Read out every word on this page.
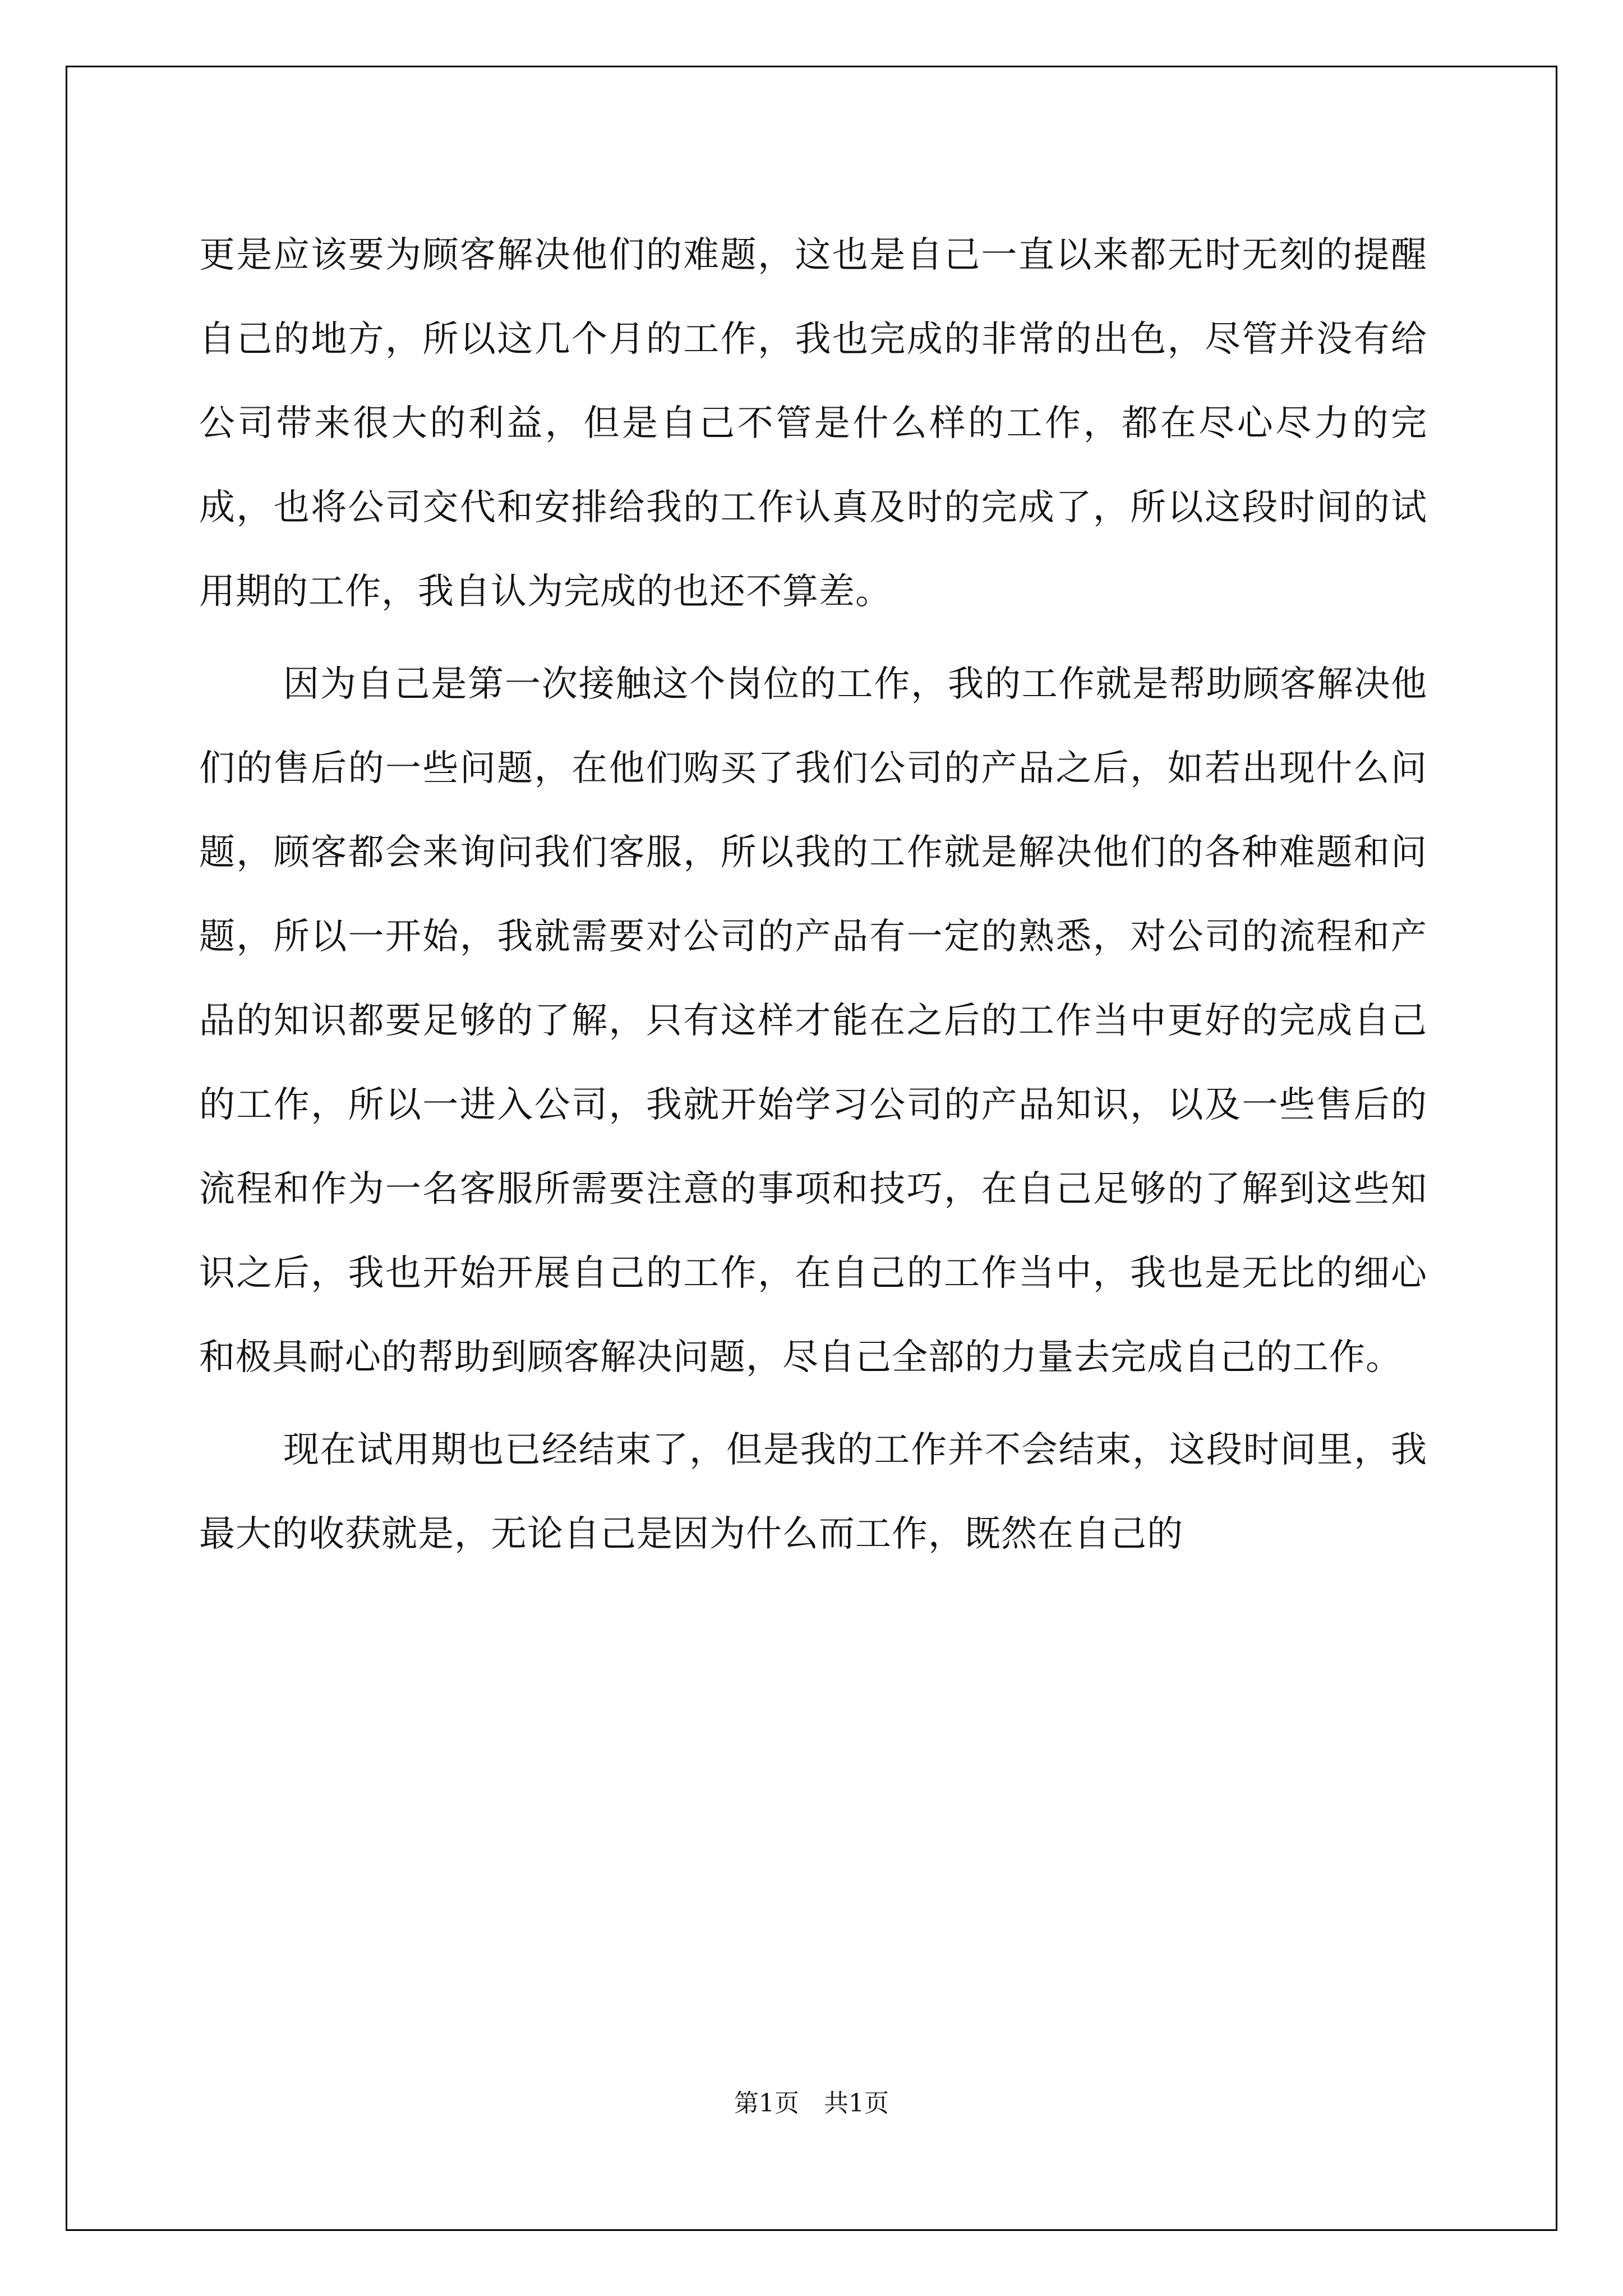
更是应该要为顾客解决他们的难题，这也是自己一直以来都无时无刻的提醒自己的地方，所以这几个月的工作，我也完成的非常的出色，尽管并没有给公司带来很大的利益，但是自己不管是什么样的工作，都在尽心尽力的完成，也将公司交代和安排给我的工作认真及时的完成了，所以这段时间的试用期的工作，我自认为完成的也还不算差。

因为自己是第一次接触这个岗位的工作，我的工作就是帮助顾客解决他们的售后的一些问题，在他们购买了我们公司的产品之后，如若出现什么问题，顾客都会来询问我们客服，所以我的工作就是解决他们的各种难题和问题，所以一开始，我就需要对公司的产品有一定的熟悉，对公司的流程和产品的知识都要足够的了解，只有这样才能在之后的工作当中更好的完成自己的工作，所以一进入公司，我就开始学习公司的产品知识，以及一些售后的流程和作为一名客服所需要注意的事项和技巧，在自己足够的了解到这些知识之后，我也开始开展自己的工作，在自己的工作当中，我也是无比的细心和极具耐心的帮助到顾客解决问题，尽自己全部的力量去完成自己的工作。

现在试用期也已经结束了，但是我的工作并不会结束，这段时间里，我最大的收获就是，无论自己是因为什么而工作，既然在自己的

第1页　共1页
